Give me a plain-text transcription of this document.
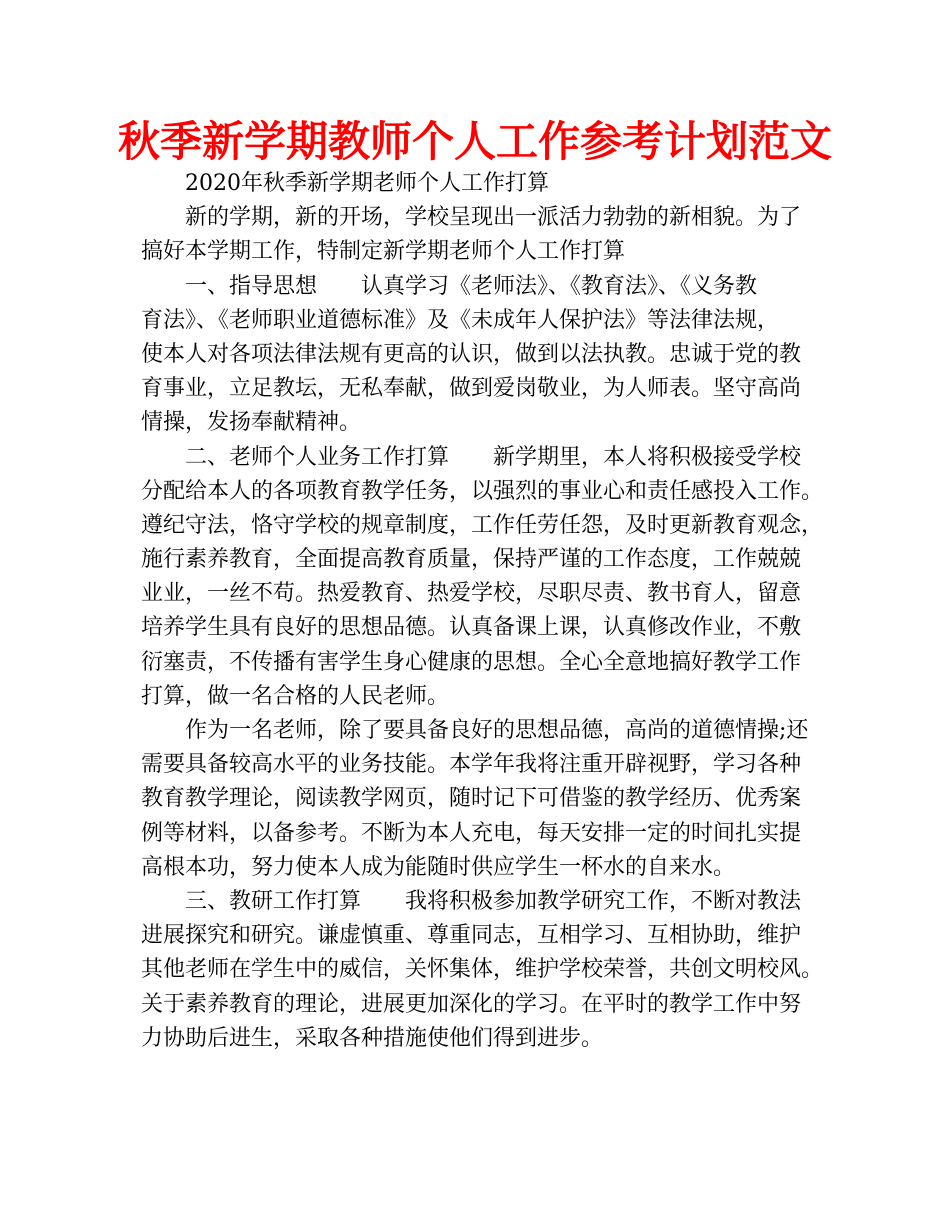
秋季新学期教师个人工作参考计划范文
2020年秋季新学期老师个人工作打算
新的学期，新的开场，学校呈现出一派活力勃勃的新相貌。为了
搞好本学期工作，特制定新学期老师个人工作打算
一、指导思想　　认真学习《老师法》、《教育法》、《义务教
育法》、《老师职业道德标准》及《未成年人保护法》等法律法规，
使本人对各项法律法规有更高的认识，做到以法执教。忠诚于党的教
育事业，立足教坛，无私奉献，做到爱岗敬业，为人师表。坚守高尚
情操，发扬奉献精神。
二、老师个人业务工作打算　　新学期里，本人将积极接受学校
分配给本人的各项教育教学任务，以强烈的事业心和责任感投入工作。
遵纪守法，恪守学校的规章制度，工作任劳任怨，及时更新教育观念，
施行素养教育，全面提高教育质量，保持严谨的工作态度，工作兢兢
业业，一丝不苟。热爱教育、热爱学校，尽职尽责、教书育人，留意
培养学生具有良好的思想品德。认真备课上课，认真修改作业，不敷
衍塞责，不传播有害学生身心健康的思想。全心全意地搞好教学工作
打算，做一名合格的人民老师。
作为一名老师，除了要具备良好的思想品德，高尚的道德情操;还
需要具备较高水平的业务技能。本学年我将注重开辟视野，学习各种
教育教学理论，阅读教学网页，随时记下可借鉴的教学经历、优秀案
例等材料，以备参考。不断为本人充电，每天安排一定的时间扎实提
高根本功，努力使本人成为能随时供应学生一杯水的自来水。
三、教研工作打算　　我将积极参加教学研究工作，不断对教法
进展探究和研究。谦虚慎重、尊重同志，互相学习、互相协助，维护
其他老师在学生中的威信，关怀集体，维护学校荣誉，共创文明校风。
关于素养教育的理论，进展更加深化的学习。在平时的教学工作中努
力协助后进生，采取各种措施使他们得到进步。
